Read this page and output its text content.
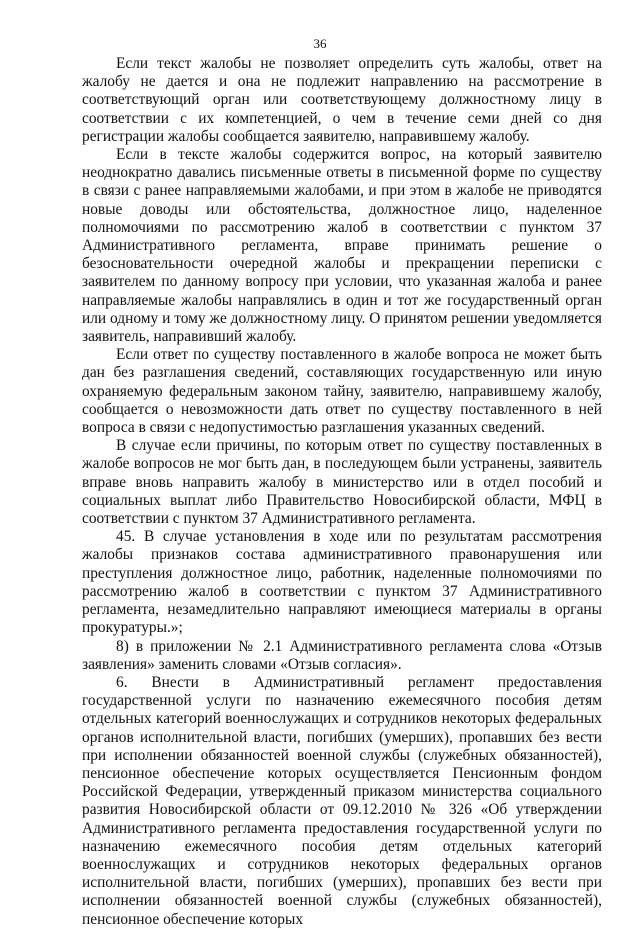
36

Если текст жалобы не позволяет определить суть жалобы, ответ на жалобу не дается и она не подлежит направлению на рассмотрение в соответствующий орган или соответствующему должностному лицу в соответствии с их компетенцией, о чем в течение семи дней со дня регистрации жалобы сообщается заявителю, направившему жалобу.

Если в тексте жалобы содержится вопрос, на который заявителю неоднократно давались письменные ответы в письменной форме по существу в связи с ранее направляемыми жалобами, и при этом в жалобе не приводятся новые доводы или обстоятельства, должностное лицо, наделенное полномочиями по рассмотрению жалоб в соответствии с пунктом 37 Административного регламента, вправе принимать решение о безосновательности очередной жалобы и прекращении переписки с заявителем по данному вопросу при условии, что указанная жалоба и ранее направляемые жалобы направлялись в один и тот же государственный орган или одному и тому же должностному лицу. О принятом решении уведомляется заявитель, направивший жалобу.

Если ответ по существу поставленного в жалобе вопроса не может быть дан без разглашения сведений, составляющих государственную или иную охраняемую федеральным законом тайну, заявителю, направившему жалобу, сообщается о невозможности дать ответ по существу поставленного в ней вопроса в связи с недопустимостью разглашения указанных сведений.

В случае если причины, по которым ответ по существу поставленных в жалобе вопросов не мог быть дан, в последующем были устранены, заявитель вправе вновь направить жалобу в министерство или в отдел пособий и социальных выплат либо Правительство Новосибирской области, МФЦ в соответствии с пунктом 37 Административного регламента.

45. В случае установления в ходе или по результатам рассмотрения жалобы признаков состава административного правонарушения или преступления должностное лицо, работник, наделенные полномочиями по рассмотрению жалоб в соответствии с пунктом 37 Административного регламента, незамедлительно направляют имеющиеся материалы в органы прокуратуры.»;

8) в приложении № 2.1 Административного регламента слова «Отзыв заявления» заменить словами «Отзыв согласия».

6. Внести в Административный регламент предоставления государственной услуги по назначению ежемесячного пособия детям отдельных категорий военнослужащих и сотрудников некоторых федеральных органов исполнительной власти, погибших (умерших), пропавших без вести при исполнении обязанностей военной службы (служебных обязанностей), пенсионное обеспечение которых осуществляется Пенсионным фондом Российской Федерации, утвержденный приказом министерства социального развития Новосибирской области от 09.12.2010 № 326 «Об утверждении Административного регламента предоставления государственной услуги по назначению ежемесячного пособия детям отдельных категорий военнослужащих и сотрудников некоторых федеральных органов исполнительной власти, погибших (умерших), пропавших без вести при исполнении обязанностей военной службы (служебных обязанностей), пенсионное обеспечение которых
